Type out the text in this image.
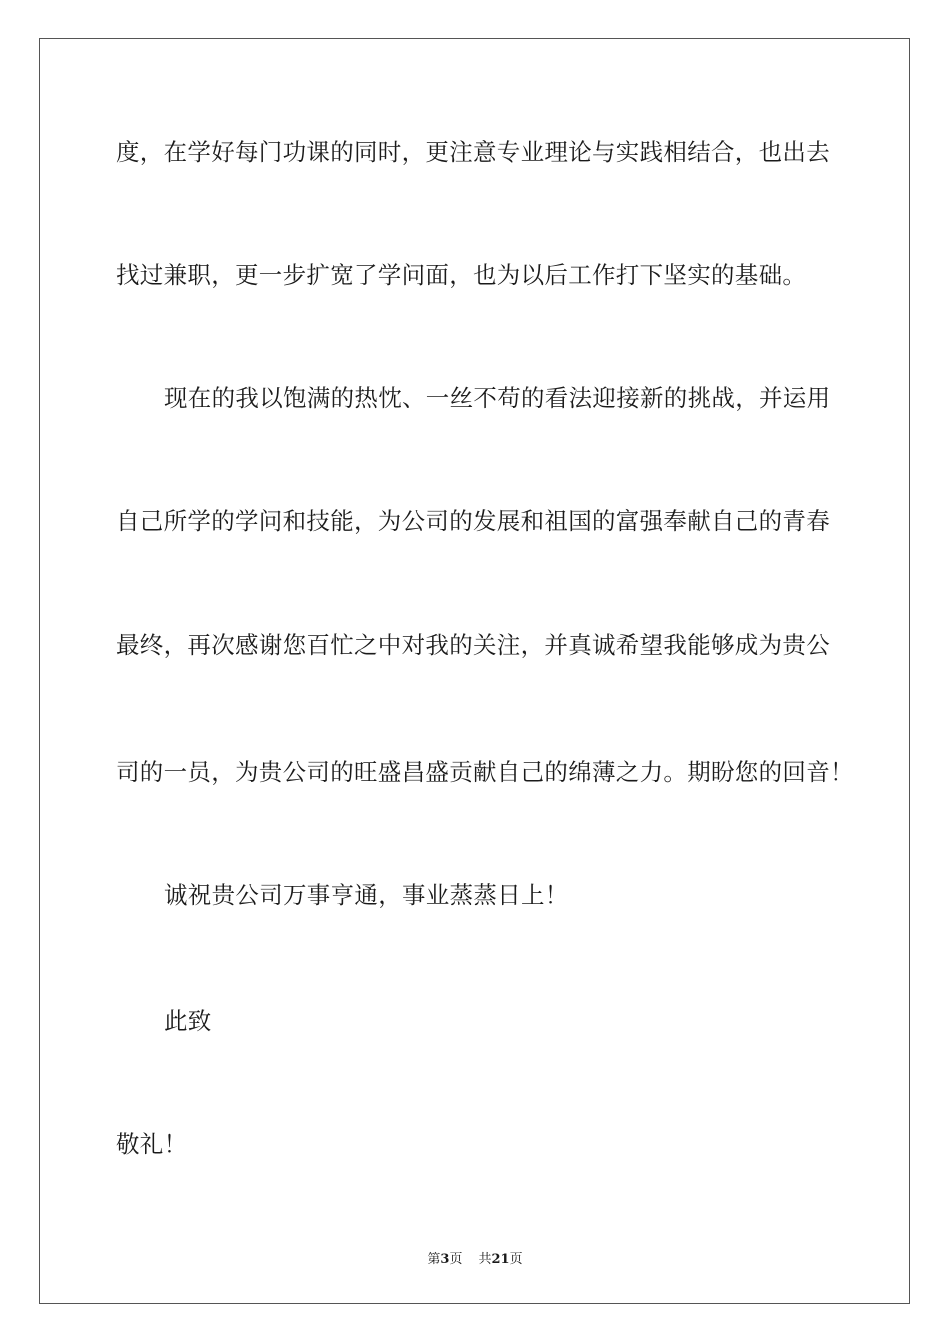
度，在学好每门功课的同时，更注意专业理论与实践相结合，也出去
找过兼职，更一步扩宽了学问面，也为以后工作打下坚实的基础。
现在的我以饱满的热忱、一丝不苟的看法迎接新的挑战，并运用
自己所学的学问和技能，为公司的发展和祖国的富强奉献自己的青春
最终，再次感谢您百忙之中对我的关注，并真诚希望我能够成为贵公
司的一员，为贵公司的旺盛昌盛贡献自己的绵薄之力。期盼您的回音！
诚祝贵公司万事亨通，事业蒸蒸日上！
此致
敬礼！
第3页 共21页
